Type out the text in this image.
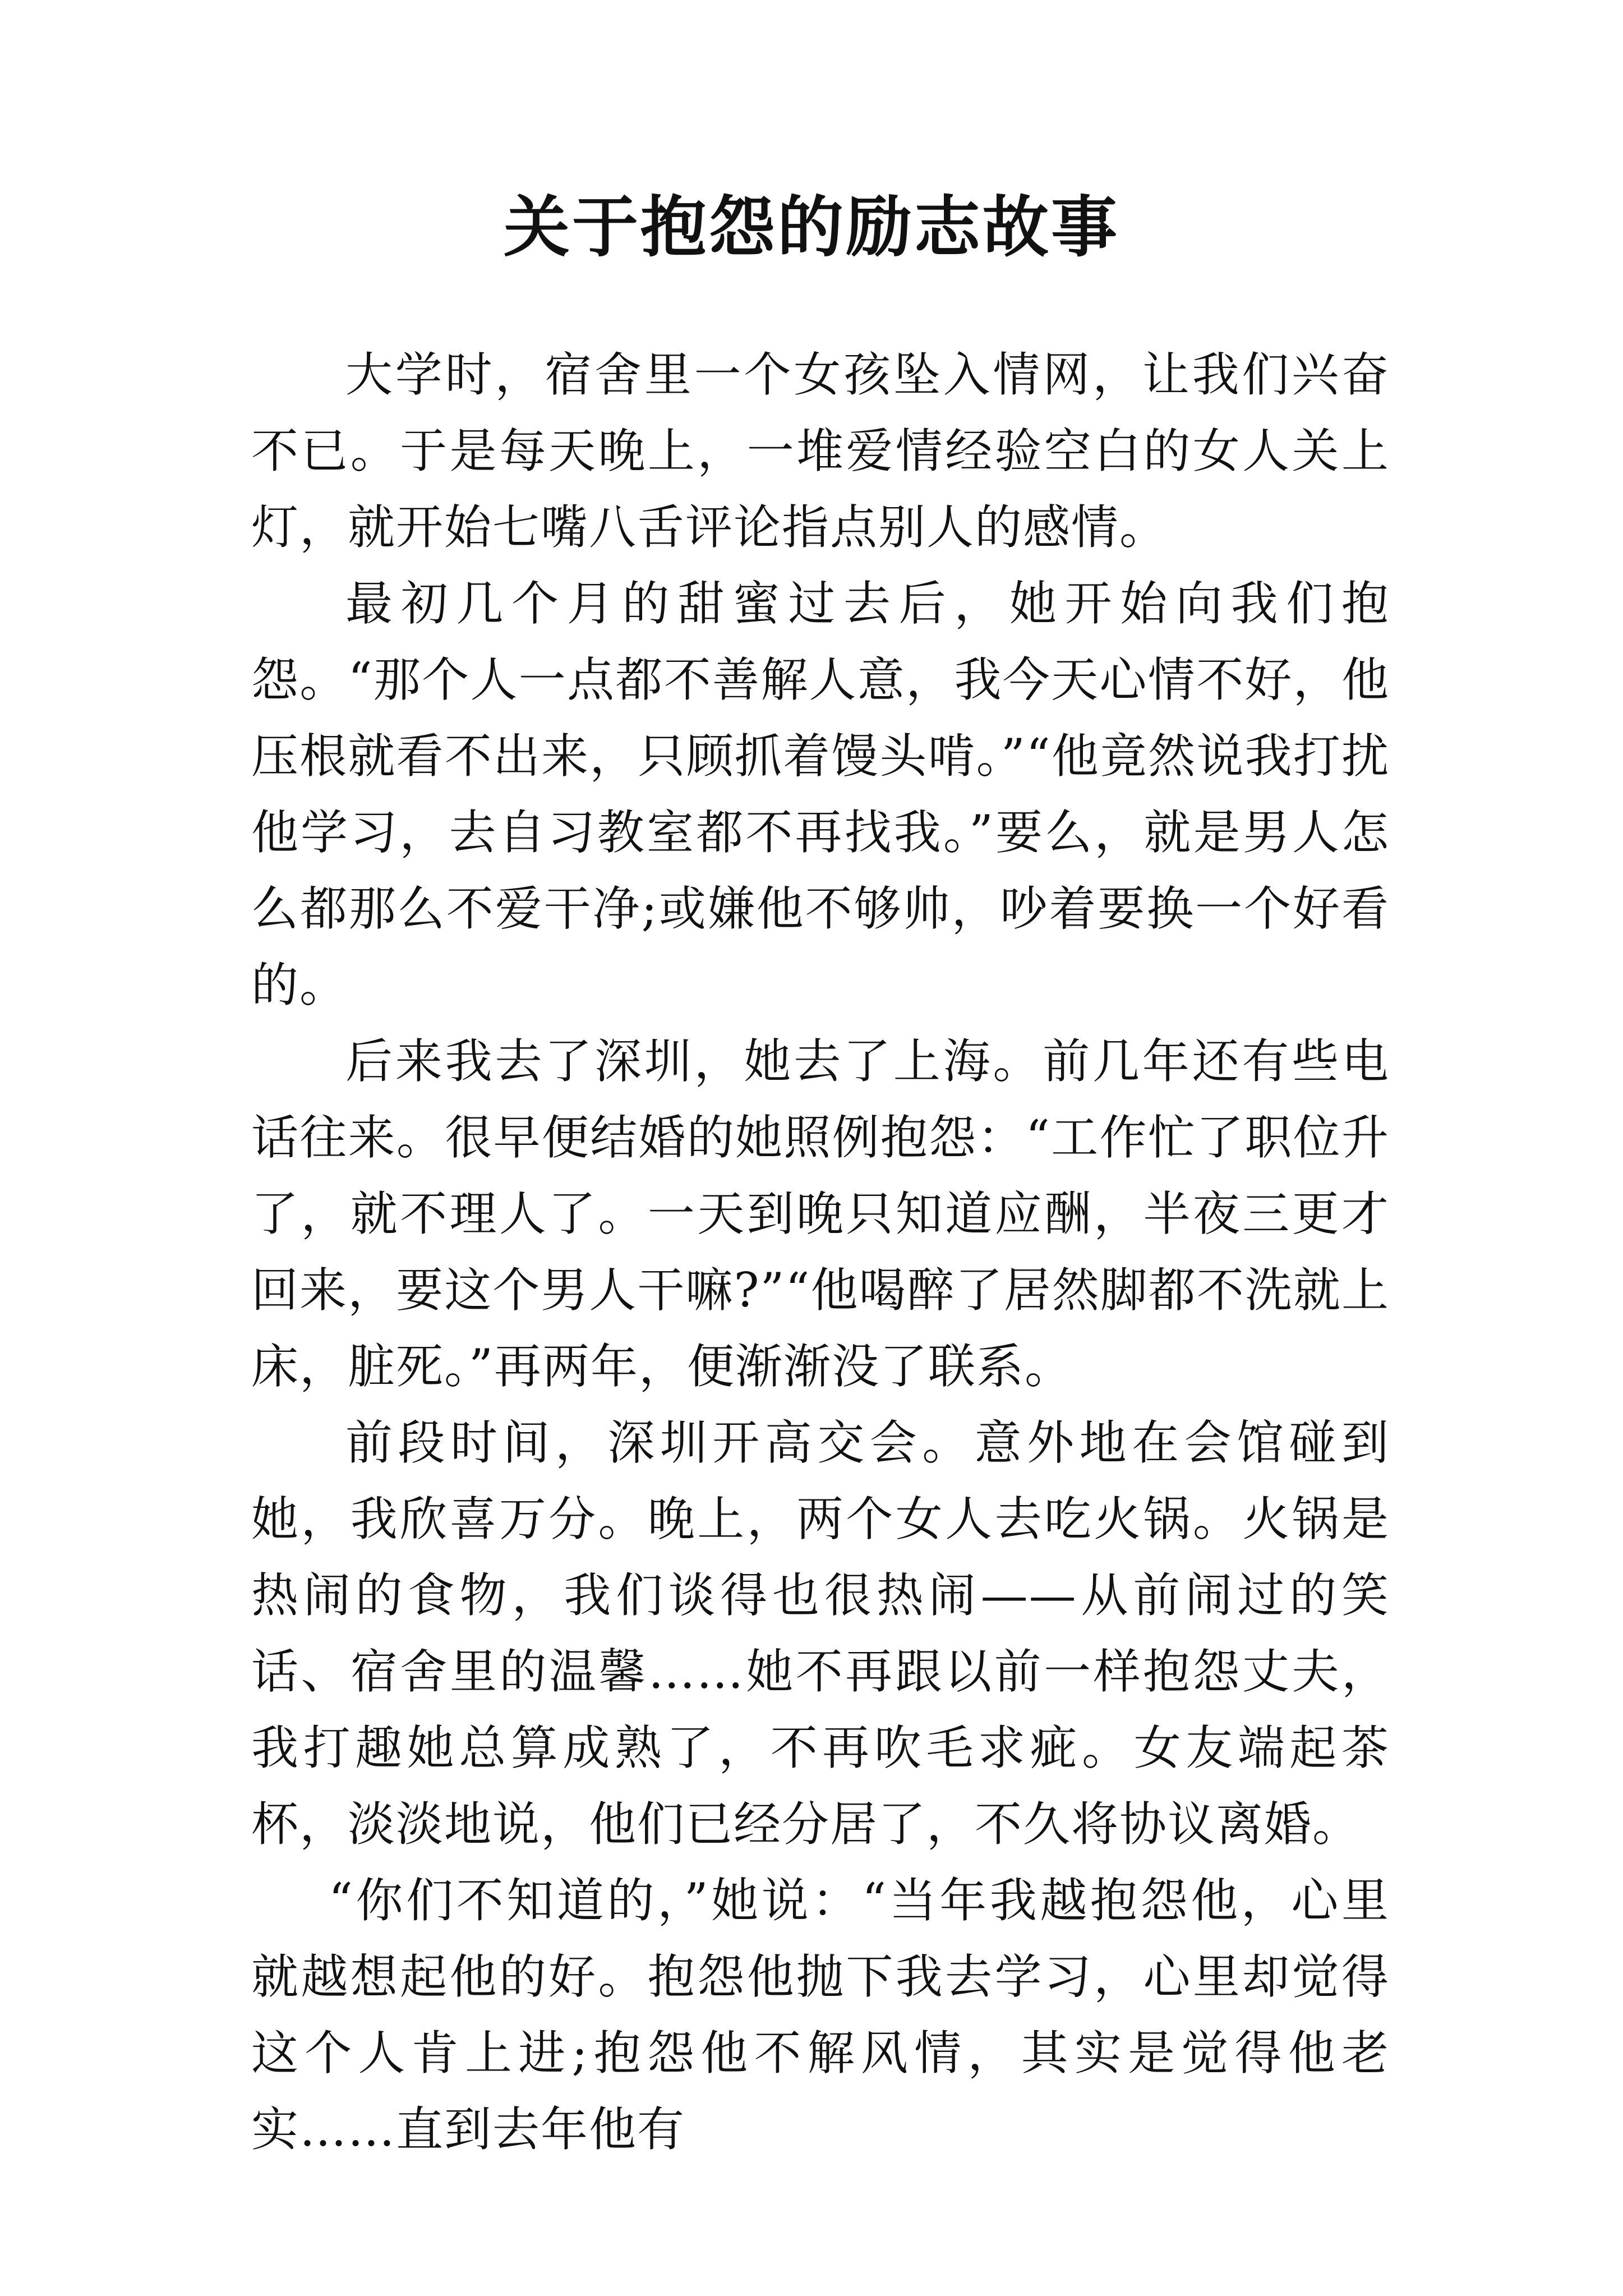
关于抱怨的励志故事

大学时，宿舍里一个女孩坠入情网，让我们兴奋不已。于是每天晚上，一堆爱情经验空白的女人关上灯，就开始七嘴八舌评论指点别人的感情。

最初几个月的甜蜜过去后，她开始向我们抱怨。“那个人一点都不善解人意，我今天心情不好，他压根就看不出来，只顾抓着馒头啃。”“他竟然说我打扰他学习，去自习教室都不再找我。”要么，就是男人怎么都那么不爱干净;或嫌他不够帅，吵着要换一个好看的。

后来我去了深圳，她去了上海。前几年还有些电话往来。很早便结婚的她照例抱怨：“工作忙了职位升了，就不理人了。一天到晚只知道应酬，半夜三更才回来，要这个男人干嘛?”“他喝醉了居然脚都不洗就上床，脏死。”再两年，便渐渐没了联系。

前段时间，深圳开高交会。意外地在会馆碰到她，我欣喜万分。晚上，两个女人去吃火锅。火锅是热闹的食物，我们谈得也很热闹——从前闹过的笑话、宿舍里的温馨……她不再跟以前一样抱怨丈夫，我打趣她总算成熟了，不再吹毛求疵。女友端起茶杯，淡淡地说，他们已经分居了，不久将协议离婚。

“你们不知道的，”她说：“当年我越抱怨他，心里就越想起他的好。抱怨他抛下我去学习，心里却觉得这个人肯上进;抱怨他不解风情，其实是觉得他老实……直到去年他有
